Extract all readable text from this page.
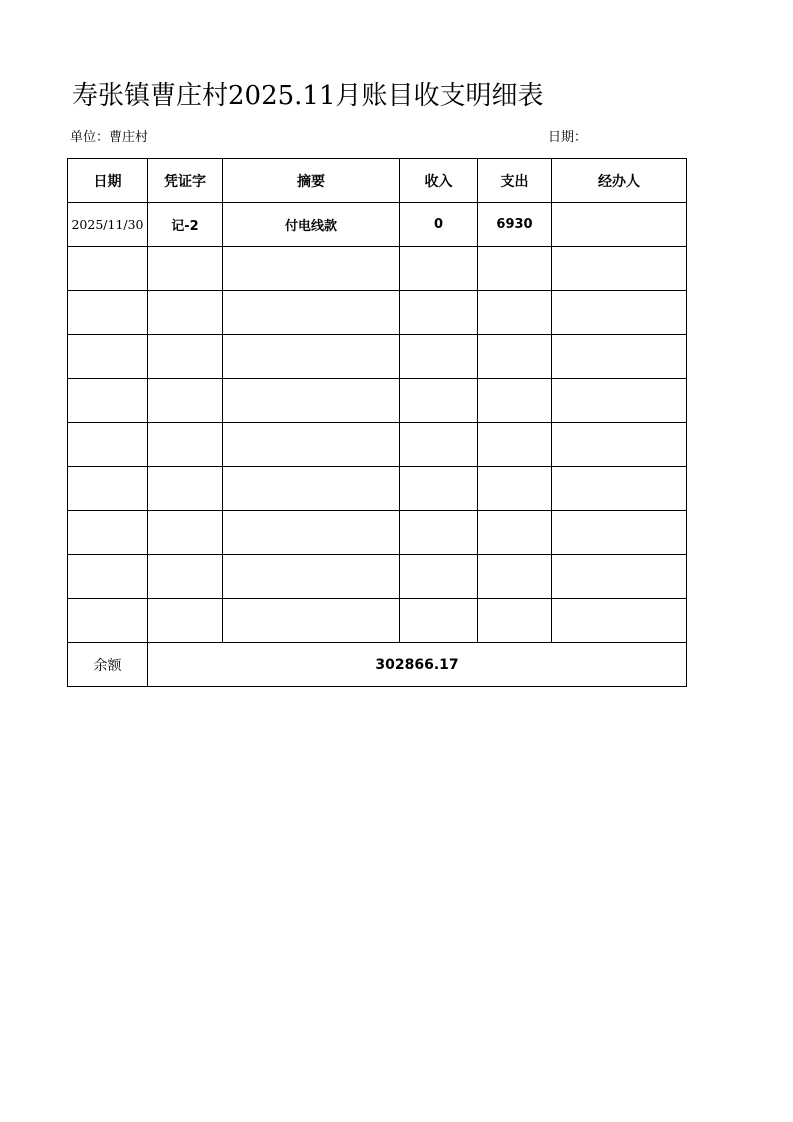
寿张镇曹庄村2025.11月账目收支明细表
单位：曹庄村	日期：
日期	凭证字	摘要	收入	支出	经办人
2025/11/30	记-2	付电线款	0	6930	

余额	302866.17				
